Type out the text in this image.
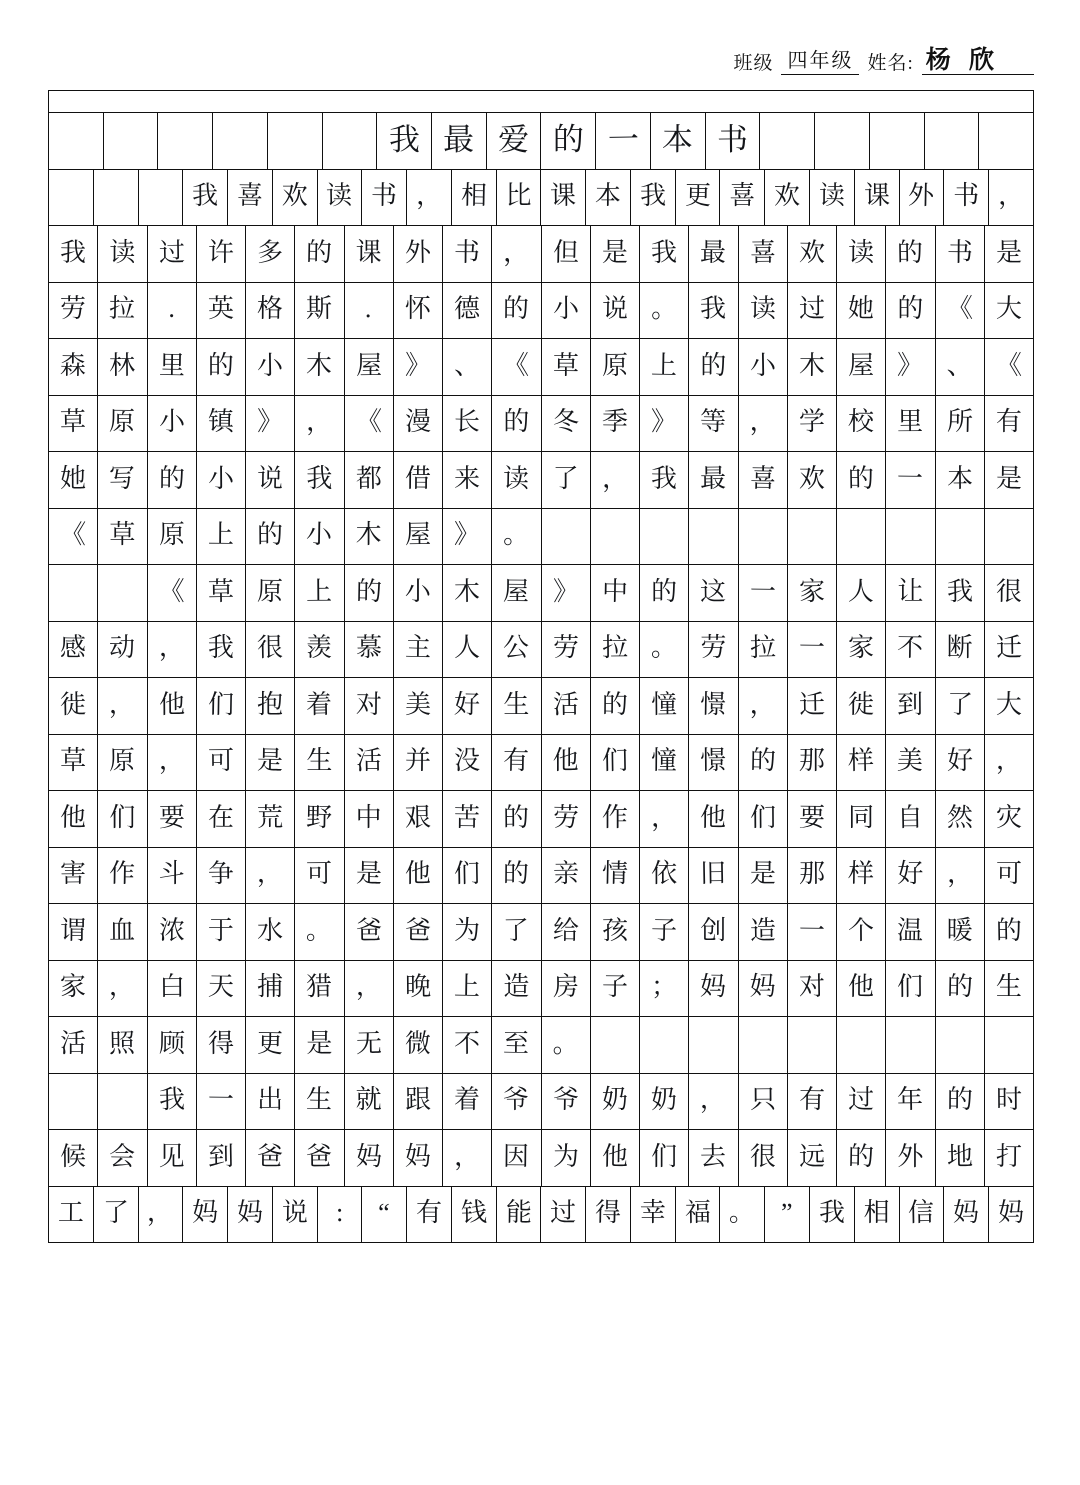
班级 四年级 姓名: 杨 欣
我 最 爱 的 一 本 书
我 喜 欢 读 书 ， 相 比 课 本 我 更 喜 欢 读 课 外 书 ，
我 读 过 许 多 的 课 外 书 ， 但 是 我 最 喜 欢 读 的 书 是
劳 拉 . 英 格 斯 . 怀 德 的 小 说 。 我 读 过 她 的 《 大
森 林 里 的 小 木 屋 》 、 《 草 原 上 的 小 木 屋 》 、 《
草 原 小 镇 》 ， 《 漫 长 的 冬 季 》 等 ， 学 校 里 所 有
她 写 的 小 说 我 都 借 来 读 了 ， 我 最 喜 欢 的 一 本 是
《 草 原 上 的 小 木 屋 》 。
《 草 原 上 的 小 木 屋 》 中 的 这 一 家 人 让 我 很
感 动 ， 我 很 羡 慕 主 人 公 劳 拉 。 劳 拉 一 家 不 断 迁
徙 ， 他 们 抱 着 对 美 好 生 活 的 憧 憬 ， 迁 徙 到 了 大
草 原 ， 可 是 生 活 并 没 有 他 们 憧 憬 的 那 样 美 好 ，
他 们 要 在 荒 野 中 艰 苦 的 劳 作 ， 他 们 要 同 自 然 灾
害 作 斗 争 ， 可 是 他 们 的 亲 情 依 旧 是 那 样 好 ， 可
谓 血 浓 于 水 。 爸 爸 为 了 给 孩 子 创 造 一 个 温 暖 的
家 ， 白 天 捕 猎 ， 晚 上 造 房 子 ； 妈 妈 对 他 们 的 生
活 照 顾 得 更 是 无 微 不 至 。
我 一 出 生 就 跟 着 爷 爷 奶 奶 ， 只 有 过 年 的 时
候 会 见 到 爸 爸 妈 妈 ， 因 为 他 们 去 很 远 的 外 地 打
工 了 ， 妈 妈 说 : “ 有 钱 能 过 得 幸 福 。 ” 我 相 信 妈 妈
